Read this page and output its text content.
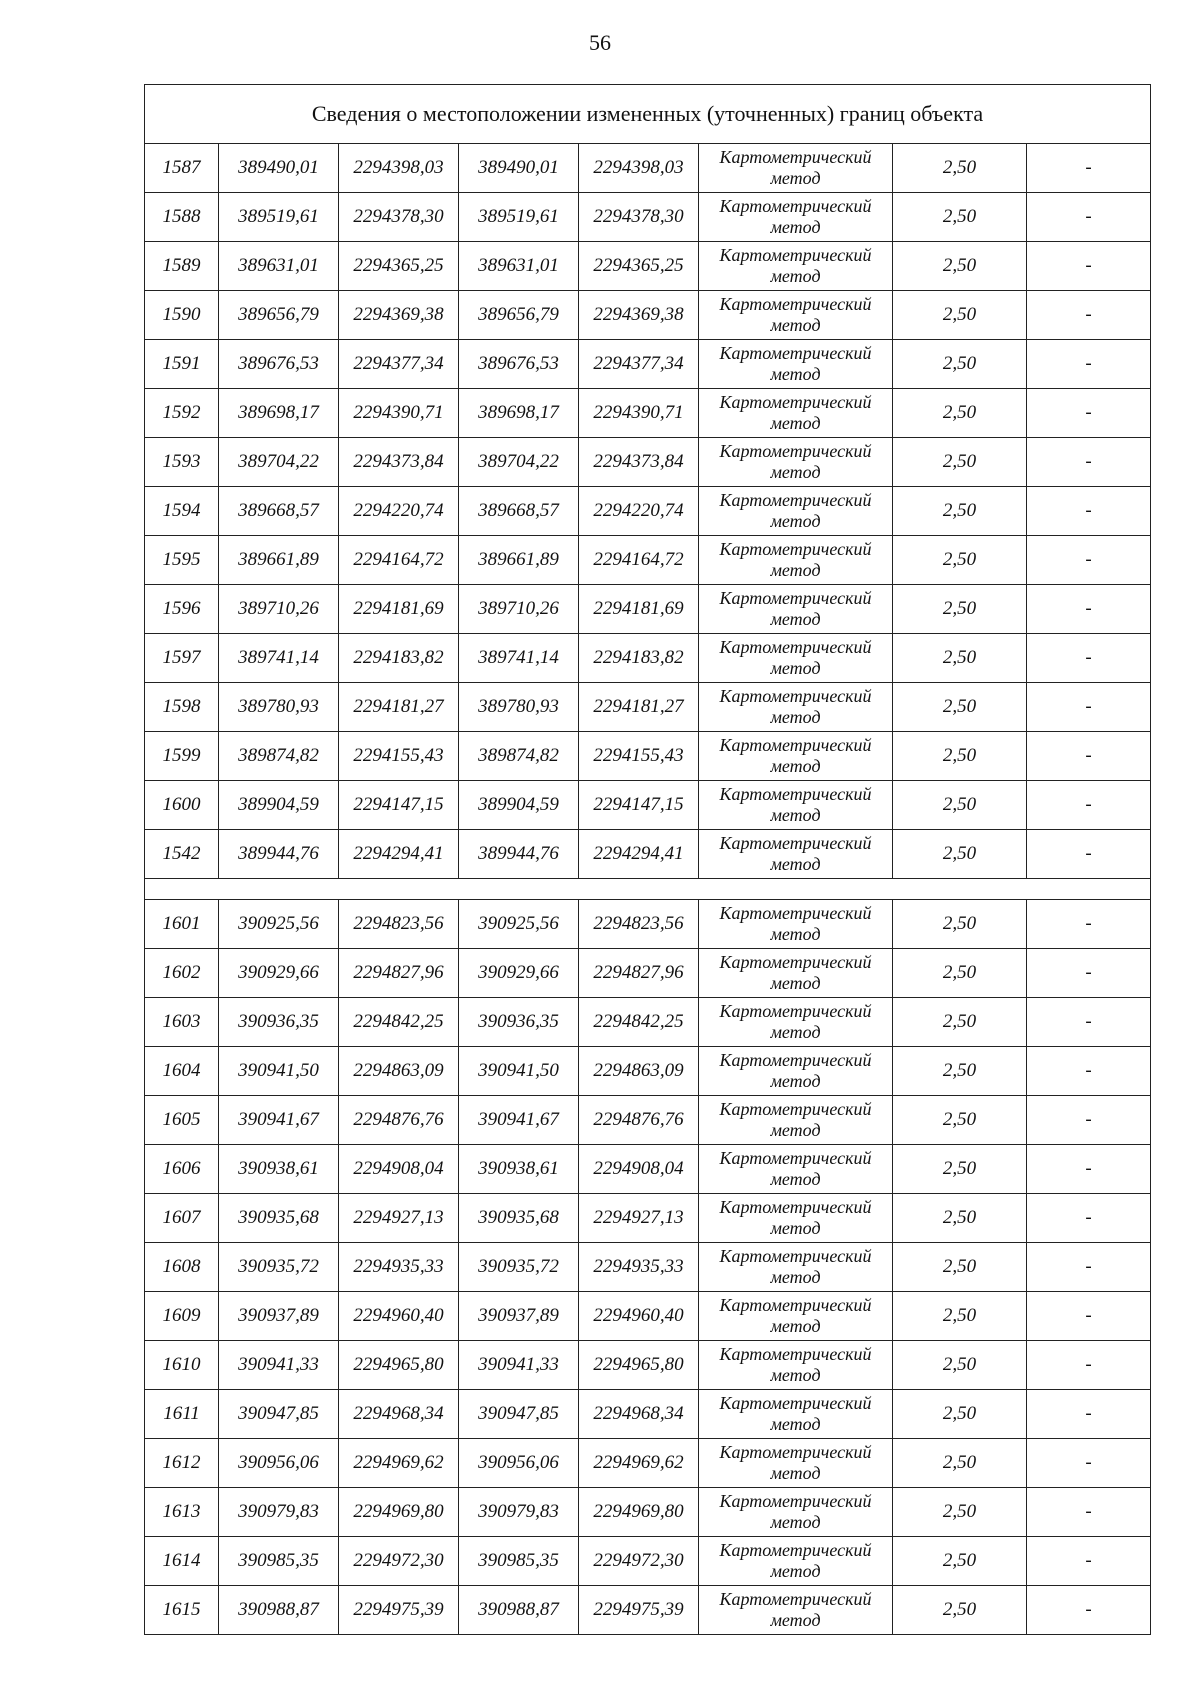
56
Сведения о местоположении измененных (уточненных) границ объекта							
1587	389490,01	2294398,03	389490,01	2294398,03	Картометрический
метод	2,50	-
1588	389519,61	2294378,30	389519,61	2294378,30	Картометрический
метод	2,50	-
1589	389631,01	2294365,25	389631,01	2294365,25	Картометрический
метод	2,50	-
1590	389656,79	2294369,38	389656,79	2294369,38	Картометрический
метод	2,50	-
1591	389676,53	2294377,34	389676,53	2294377,34	Картометрический
метод	2,50	-
1592	389698,17	2294390,71	389698,17	2294390,71	Картометрический
метод	2,50	-
1593	389704,22	2294373,84	389704,22	2294373,84	Картометрический
метод	2,50	-
1594	389668,57	2294220,74	389668,57	2294220,74	Картометрический
метод	2,50	-
1595	389661,89	2294164,72	389661,89	2294164,72	Картометрический
метод	2,50	-
1596	389710,26	2294181,69	389710,26	2294181,69	Картометрический
метод	2,50	-
1597	389741,14	2294183,82	389741,14	2294183,82	Картометрический
метод	2,50	-
1598	389780,93	2294181,27	389780,93	2294181,27	Картометрический
метод	2,50	-
1599	389874,82	2294155,43	389874,82	2294155,43	Картометрический
метод	2,50	-
1600	389904,59	2294147,15	389904,59	2294147,15	Картометрический
метод	2,50	-
1542	389944,76	2294294,41	389944,76	2294294,41	Картометрический
метод	2,50	-

1601	390925,56	2294823,56	390925,56	2294823,56	Картометрический
метод	2,50	-
1602	390929,66	2294827,96	390929,66	2294827,96	Картометрический
метод	2,50	-
1603	390936,35	2294842,25	390936,35	2294842,25	Картометрический
метод	2,50	-
1604	390941,50	2294863,09	390941,50	2294863,09	Картометрический
метод	2,50	-
1605	390941,67	2294876,76	390941,67	2294876,76	Картометрический
метод	2,50	-
1606	390938,61	2294908,04	390938,61	2294908,04	Картометрический
метод	2,50	-
1607	390935,68	2294927,13	390935,68	2294927,13	Картометрический
метод	2,50	-
1608	390935,72	2294935,33	390935,72	2294935,33	Картометрический
метод	2,50	-
1609	390937,89	2294960,40	390937,89	2294960,40	Картометрический
метод	2,50	-
1610	390941,33	2294965,80	390941,33	2294965,80	Картометрический
метод	2,50	-
1611	390947,85	2294968,34	390947,85	2294968,34	Картометрический
метод	2,50	-
1612	390956,06	2294969,62	390956,06	2294969,62	Картометрический
метод	2,50	-
1613	390979,83	2294969,80	390979,83	2294969,80	Картометрический
метод	2,50	-
1614	390985,35	2294972,30	390985,35	2294972,30	Картометрический
метод	2,50	-
1615	390988,87	2294975,39	390988,87	2294975,39	Картометрический
метод	2,50	-
